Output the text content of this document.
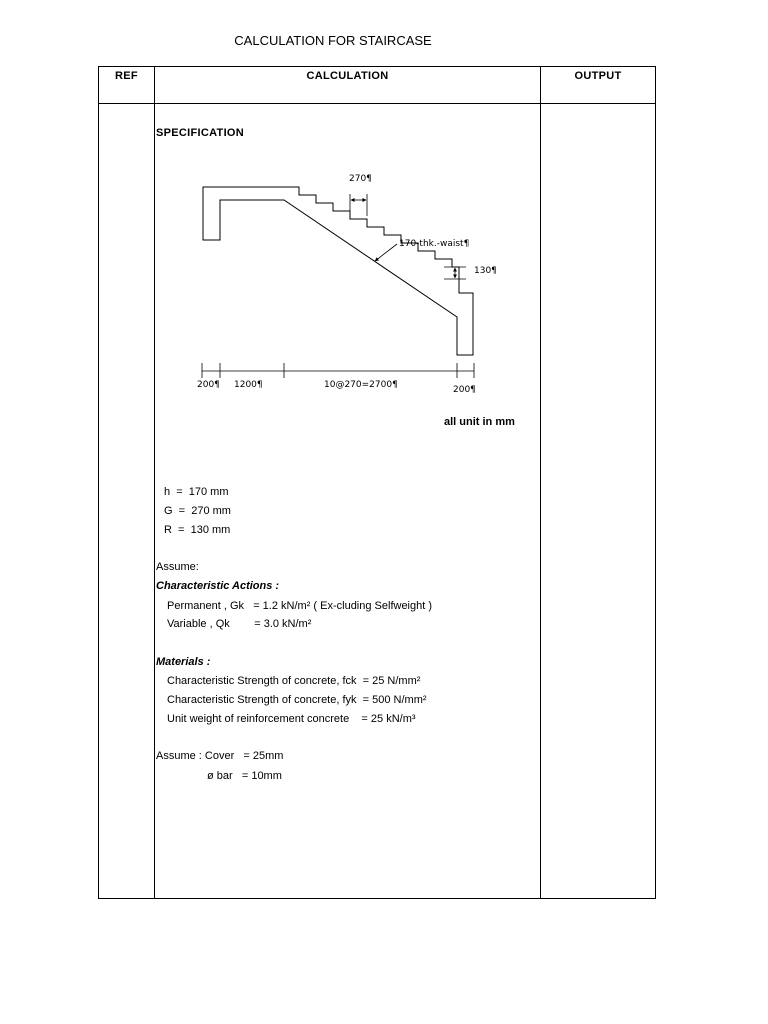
CALCULATION FOR STAIRCASE
REF	CALCULATION	OUTPUT
SPECIFICATION
270¶
170-thk.-waist¶
130¶
200¶ 1200¶	10@270=2700¶	200¶
all unit in mm
h  =  170 mm
G  =  270 mm
R  =  130 mm
Assume:
Characteristic Actions :
Permanent , Gk   = 1.2 kN/m² ( Ex-cluding Selfweight )
Variable , Qk        = 3.0 kN/m²
Materials :
Characteristic Strength of concrete, fck  = 25 N/mm²
Characteristic Strength of concrete, fyk  = 500 N/mm²
Unit weight of reinforcement concrete    = 25 kN/m³
Assume : Cover   = 25mm
ø bar   = 10mm
